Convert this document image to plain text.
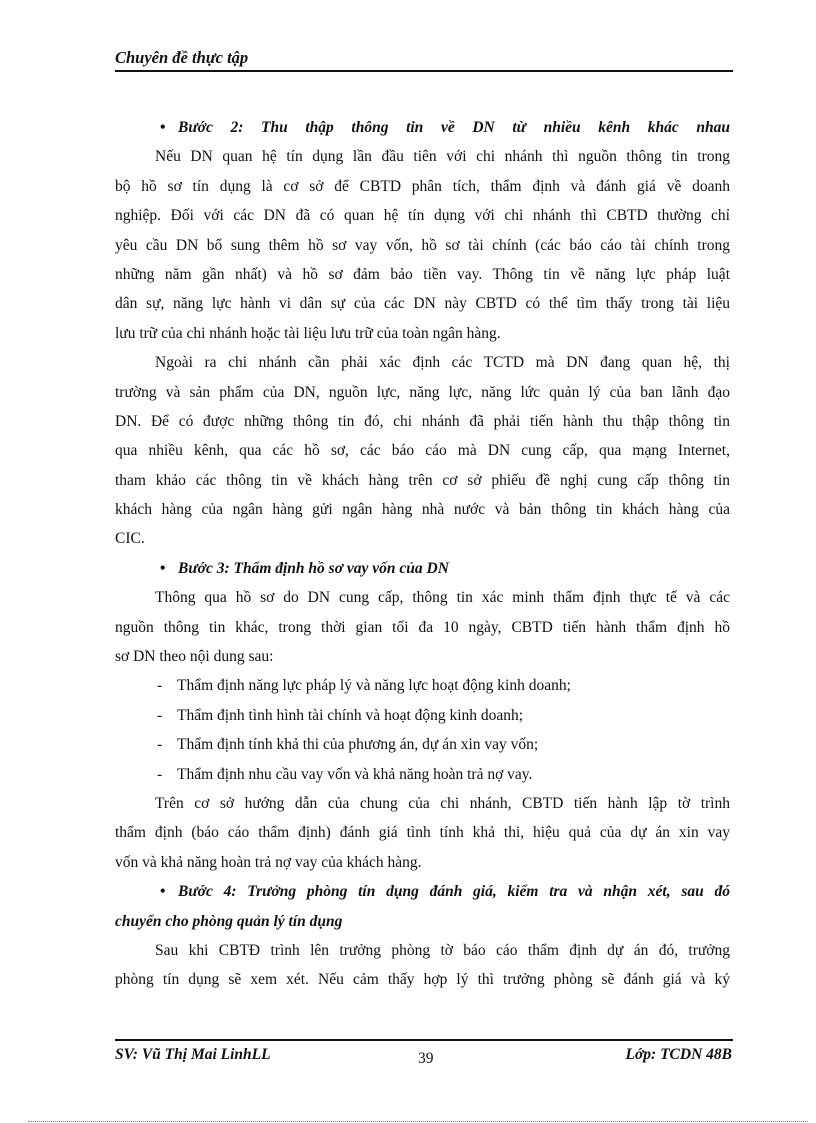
Chuyên đề thực tập
• Bước 2: Thu thập thông tin về DN từ nhiều kênh khác nhau
Nếu DN quan hệ tín dụng lần đầu tiên với chi nhánh thì nguồn thông tin trong
bộ hồ sơ tín dụng là cơ sở để CBTD phân tích, thẩm định và đánh giá về doanh
nghiệp. Đối với các DN đã có quan hệ tín dụng với chi nhánh thì CBTD thường chỉ
yêu cầu DN bổ sung thêm hồ sơ vay vốn, hồ sơ tài chính (các báo cáo tài chính trong
những năm gần nhất) và hồ sơ đảm bảo tiền vay. Thông tin về năng lực pháp luật
dân sự, năng lực hành vi dân sự của các DN này CBTD có thể tìm thấy trong tài liệu
lưu trữ của chi nhánh hoặc tài liệu lưu trữ của toàn ngân hàng.
Ngoài ra chi nhánh cần phải xác định các TCTD mà DN đang quan hệ, thị
trường và sản phẩm của DN, nguồn lực, năng lực, năng lức quản lý của ban lãnh đạo
DN. Để có được những thông tin đó, chi nhánh đã phải tiến hành thu thập thông tin
qua nhiều kênh, qua các hồ sơ, các báo cáo mà DN cung cấp, qua mạng Internet,
tham khảo các thông tin về khách hàng trên cơ sở phiếu đề nghị cung cấp thông tin
khách hàng của ngân hàng gửi ngân hàng nhà nước và bản thông tin khách hàng của
CIC.
• Bước 3: Thẩm định hồ sơ vay vốn của DN
Thông qua hồ sơ do DN cung cấp, thông tin xác minh thẩm định thực tế và các
nguồn thông tin khác, trong thời gian tối đa 10 ngày, CBTD tiến hành thẩm định hồ
sơ DN theo nội dung sau:
- Thẩm định năng lực pháp lý và năng lực hoạt động kinh doanh;
- Thẩm định tình hình tài chính và hoạt động kinh doanh;
- Thẩm định tính khả thi của phương án, dự án xin vay vốn;
- Thẩm định nhu cầu vay vốn và khả năng hoàn trả nợ vay.
Trên cơ sở hướng dẫn của chung của chi nhánh, CBTD tiến hành lập tờ trình
thẩm định (báo cáo thẩm định) đánh giá tình tính khả thi, hiệu quả của dự án xin vay
vốn và khả năng hoàn trả nợ vay của khách hàng.
• Bước 4: Trưởng phòng tín dụng đánh giá, kiểm tra và nhận xét, sau đó
chuyển cho phòng quản lý tín dụng
Sau khi CBTĐ trình lên trưởng phòng tờ báo cáo thẩm định dự án đó, trưởng
phòng tín dụng sẽ xem xét. Nếu cảm thấy hợp lý thì trưởng phòng sẽ đánh giá và ký
SV: Vũ Thị Mai LinhLL	39	Lớp: TCDN 48B
